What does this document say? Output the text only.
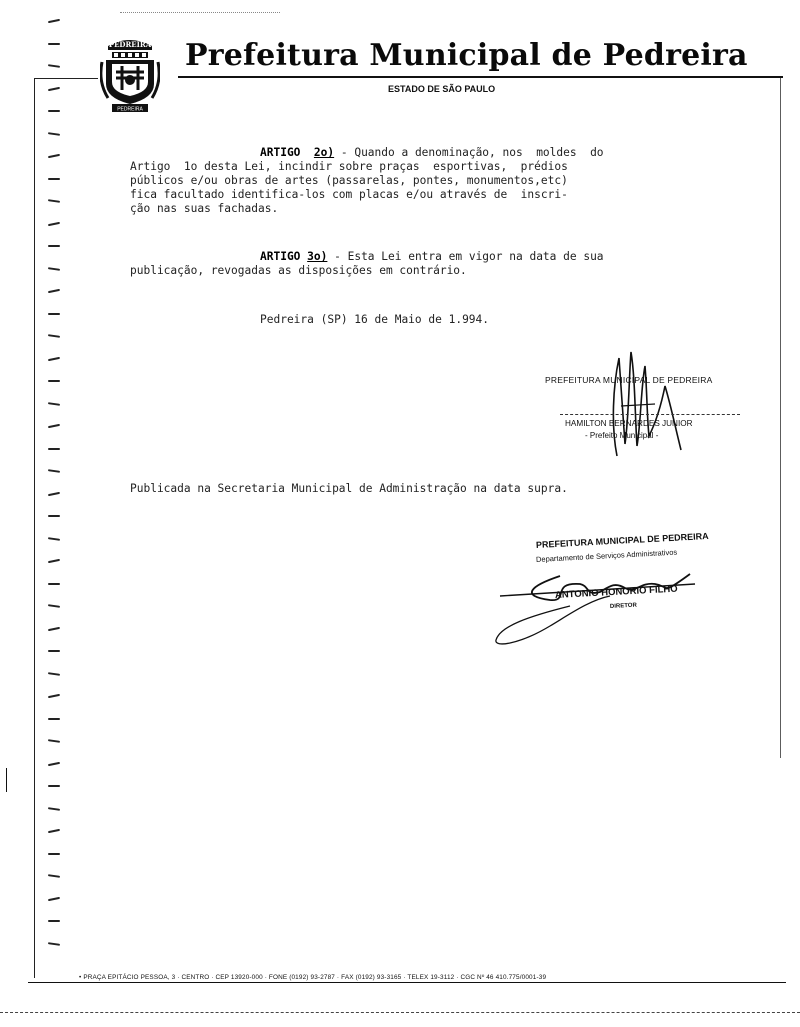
PEDREIRA
PEDREIRA
Prefeitura Municipal de Pedreira
ESTADO DE SÃO PAULO
ARTIGO 2o) - Quando a denominação, nos  moldes  do
Artigo  1o desta Lei, incindir sobre praças  esportivas,  prédios
públicos e/ou obras de artes (passarelas, pontes, monumentos,etc)
fica facultado identifica-los com placas e/ou através de  inscri-
ção nas suas fachadas.
ARTIGO 3o) - Esta Lei entra em vigor na data de sua
publicação, revogadas as disposições em contrário.
Pedreira (SP) 16 de Maio de 1.994.
PREFEITURA MUNICIPAL DE PEDREIRA
HAMILTON BERNARDES JUNIOR
- Prefeito Municipal -
Publicada na Secretaria Municipal de Administração na data supra.
PREFEITURA MUNICIPAL DE PEDREIRA
Departamento de Serviços Administrativos
ANTONIO HONORIO FILHO
DIRETOR
• PRAÇA EPITÁCIO PESSOA, 3 · CENTRO · CEP 13920-000 · FONE (0192) 93-2787 · FAX (0192) 93-3165 · TELEX 19-3112 · CGC Nº 46 410.775/0001-39
